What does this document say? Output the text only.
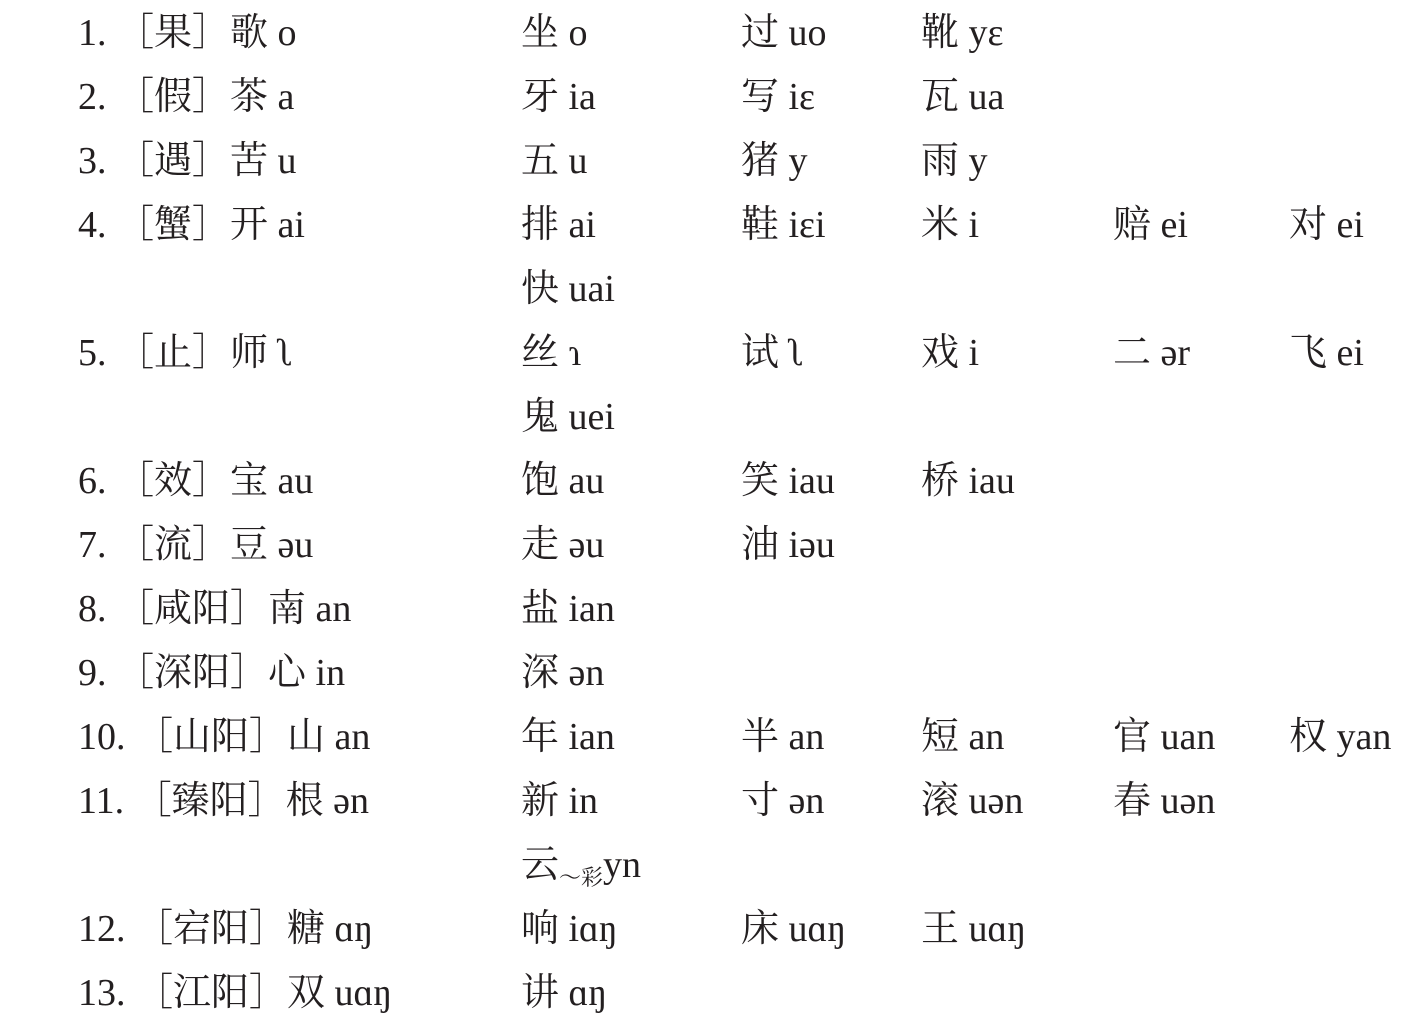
1. ［果］歌 o	坐 o	过 uo 靴 yɛ
2. ［假］茶 a	牙 ia	写 iɛ	瓦 ua
3. ［遇］苦 u	五 u	猪 y	雨 y
4. ［蟹］开 ai	排 ai	鞋 iɛi	米 i	赔 ei	对 ei
快 uai
5. ［止］师 ʅ	丝 ɿ	试 ʅ	戏 i	二 ər	飞 ei
鬼 uei
6. ［效］宝 au	饱 au	笑 iau 桥 iau
7. ［流］豆 əu	走 əu	油 iəu
8. ［咸阳］南 an	盐 ian
9. ［深阳］心 in	深 ən
10. ［山阳］山 an	年 ian	半 an	短 an	官 uan 权 yan
11. ［臻阳］根 ən	新 in	寸 ən	滚 uən 春 uən
云$_{\sim 彩}$yn
12. ［宕阳］糖 ɑŋ	响 iɑŋ	床 uɑŋ 王 uɑŋ
13. ［江阳］双 uɑŋ	讲 ɑŋ
